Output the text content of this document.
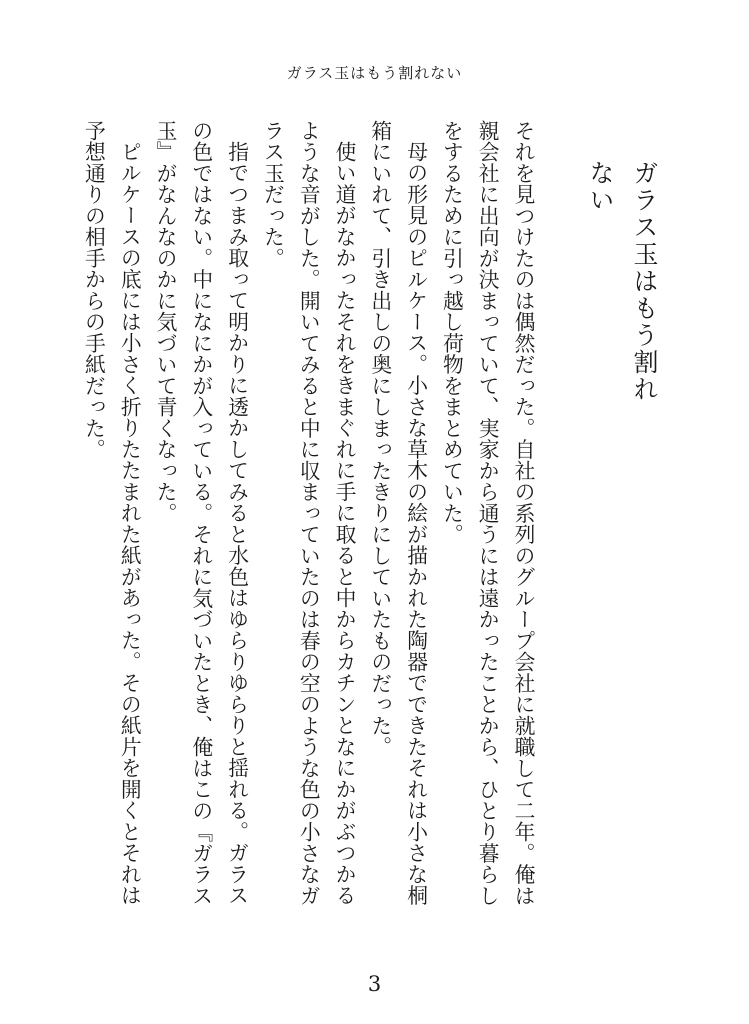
ガラス玉はもう割れない
ガラス玉はもう割れない

それを見つけたのは偶然だった。自社の系列のグループ会社に就職して二年。俺は親会社に出向が決まっていて、実家から通うには遠かったことから、ひとり暮らしをするために引っ越し荷物をまとめていた。

母の形見のピルケース。小さな草木の絵が描かれた陶器でできたそれは小さな桐箱にいれて、引き出しの奥にしまったきりにしていたものだった。

使い道がなかったそれをきまぐれに手に取ると中からカチンとなにかがぶつかるような音がした。開いてみると中に収まっていたのは春の空のような色の小さなガラス玉だった。

指でつまみ取って明かりに透かしてみると水色はゆらりゆらりと揺れる。ガラスの色ではない。中になにかが入っている。それに気づいたとき、俺はこの『ガラス玉』がなんなのかに気づいて青くなった。

ピルケースの底には小さく折りたたまれた紙があった。その紙片を開くとそれは予想通りの相手からの手紙だった。

3
